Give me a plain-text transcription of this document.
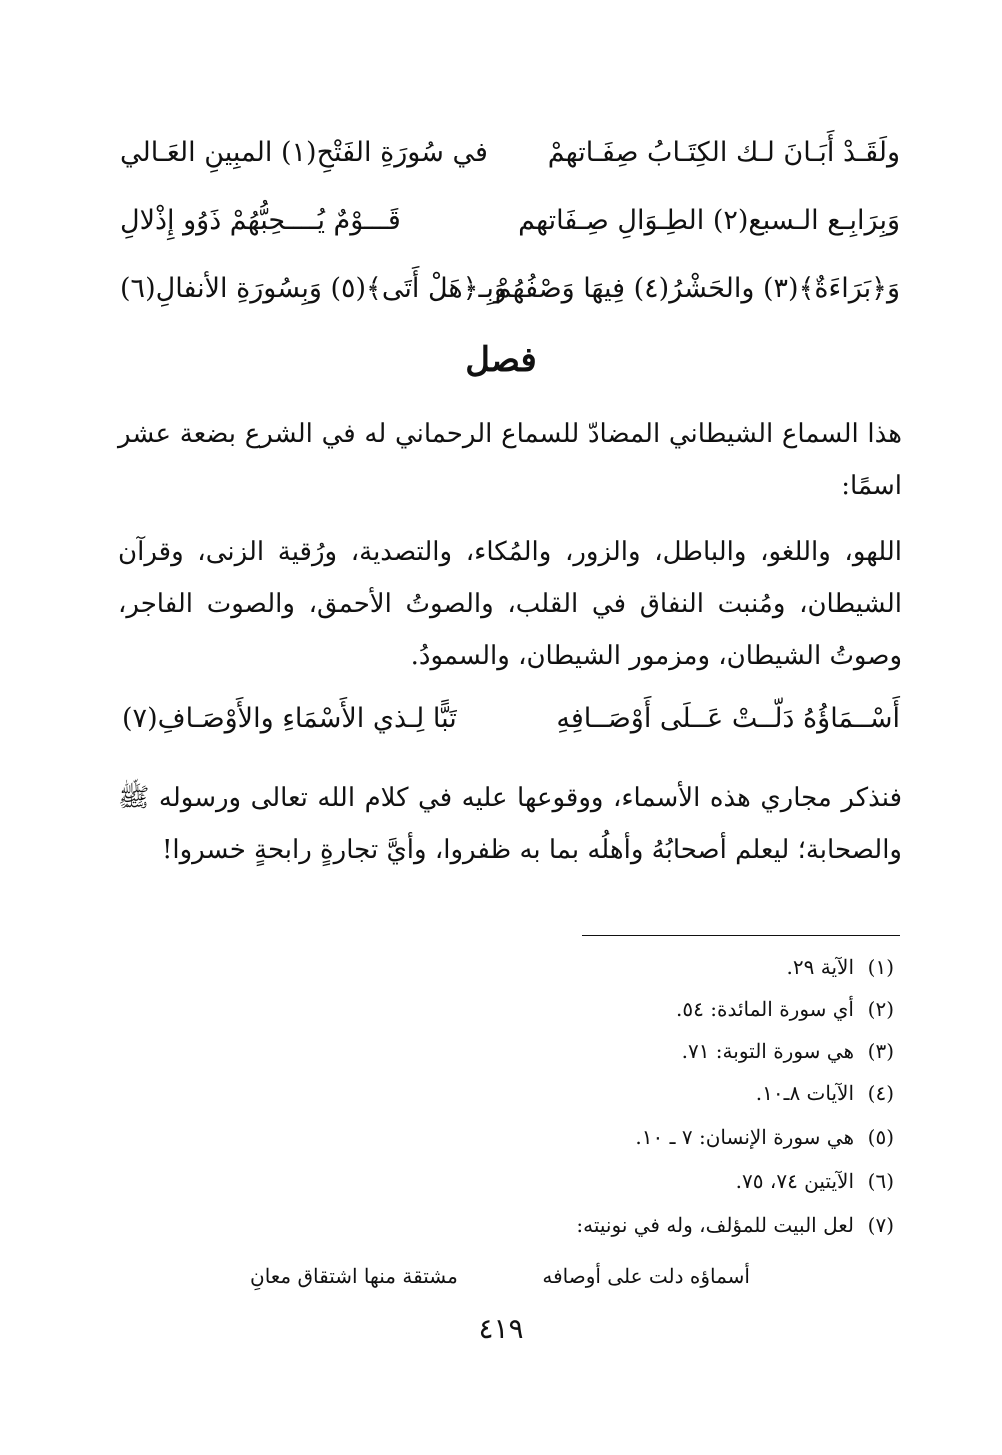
ولَقَـدْ أَبَـانَ لـك الكِتَـابُ صِفَـاتهمْ
في سُورَةِ الفَتْحِ(١) المبِينِ العَـالي
وَبِرَابِـع الـسبع(٢) الطِـوَالِ صِـفَاتهم
قَـــوْمٌ يُــــحِبُّهُمْ ذَوُو إِذْلالِ
وَ﴿بَرَاءَةٌ﴾(٣) والحَشْرُ(٤) فِيهَا وَصْفُهُمْ
وَبِـ﴿هَلْ أَتَى﴾(٥) وَبِسُورَةِ الأنفالِ(٦)
فصل

هذا السماع الشيطاني المضادّ للسماع الرحماني له في الشرع بضعة عشر اسمًا:

اللهو، واللغو، والباطل، والزور، والمُكاء، والتصدية، ورُقية الزنى، وقرآن الشيطان، ومُنبت النفاق في القلب، والصوتُ الأحمق، والصوت الفاجر، وصوتُ الشيطان، ومزمور الشيطان، والسمودُ.

أَسْــمَاؤُهُ دَلّــتْ عَــلَى أَوْصَــافِهِ
تَبًّا لِـذي الأَسْمَاءِ والأَوْصَـافِ(٧)

فنذكر مجاري هذه الأسماء، ووقوعها عليه في كلام الله تعالى ورسوله ﷺ والصحابة؛ ليعلم أصحابُهُ وأهلُه بما به ظفروا، وأيَّ تجارةٍ رابحةٍ خسروا!

(١)الآية ٢٩.
(٢)أي سورة المائدة: ٥٤.
(٣)هي سورة التوبة: ٧١.
(٤)الآيات ٨ـ١٠.
(٥)هي سورة الإنسان: ٧ ـ ١٠.
(٦)الآيتين ٧٤، ٧٥.
(٧)لعل البيت للمؤلف، وله في نونيته:
أسماؤه دلت على أوصافه
مشتقة منها اشتقاق معانِ
٤١٩
